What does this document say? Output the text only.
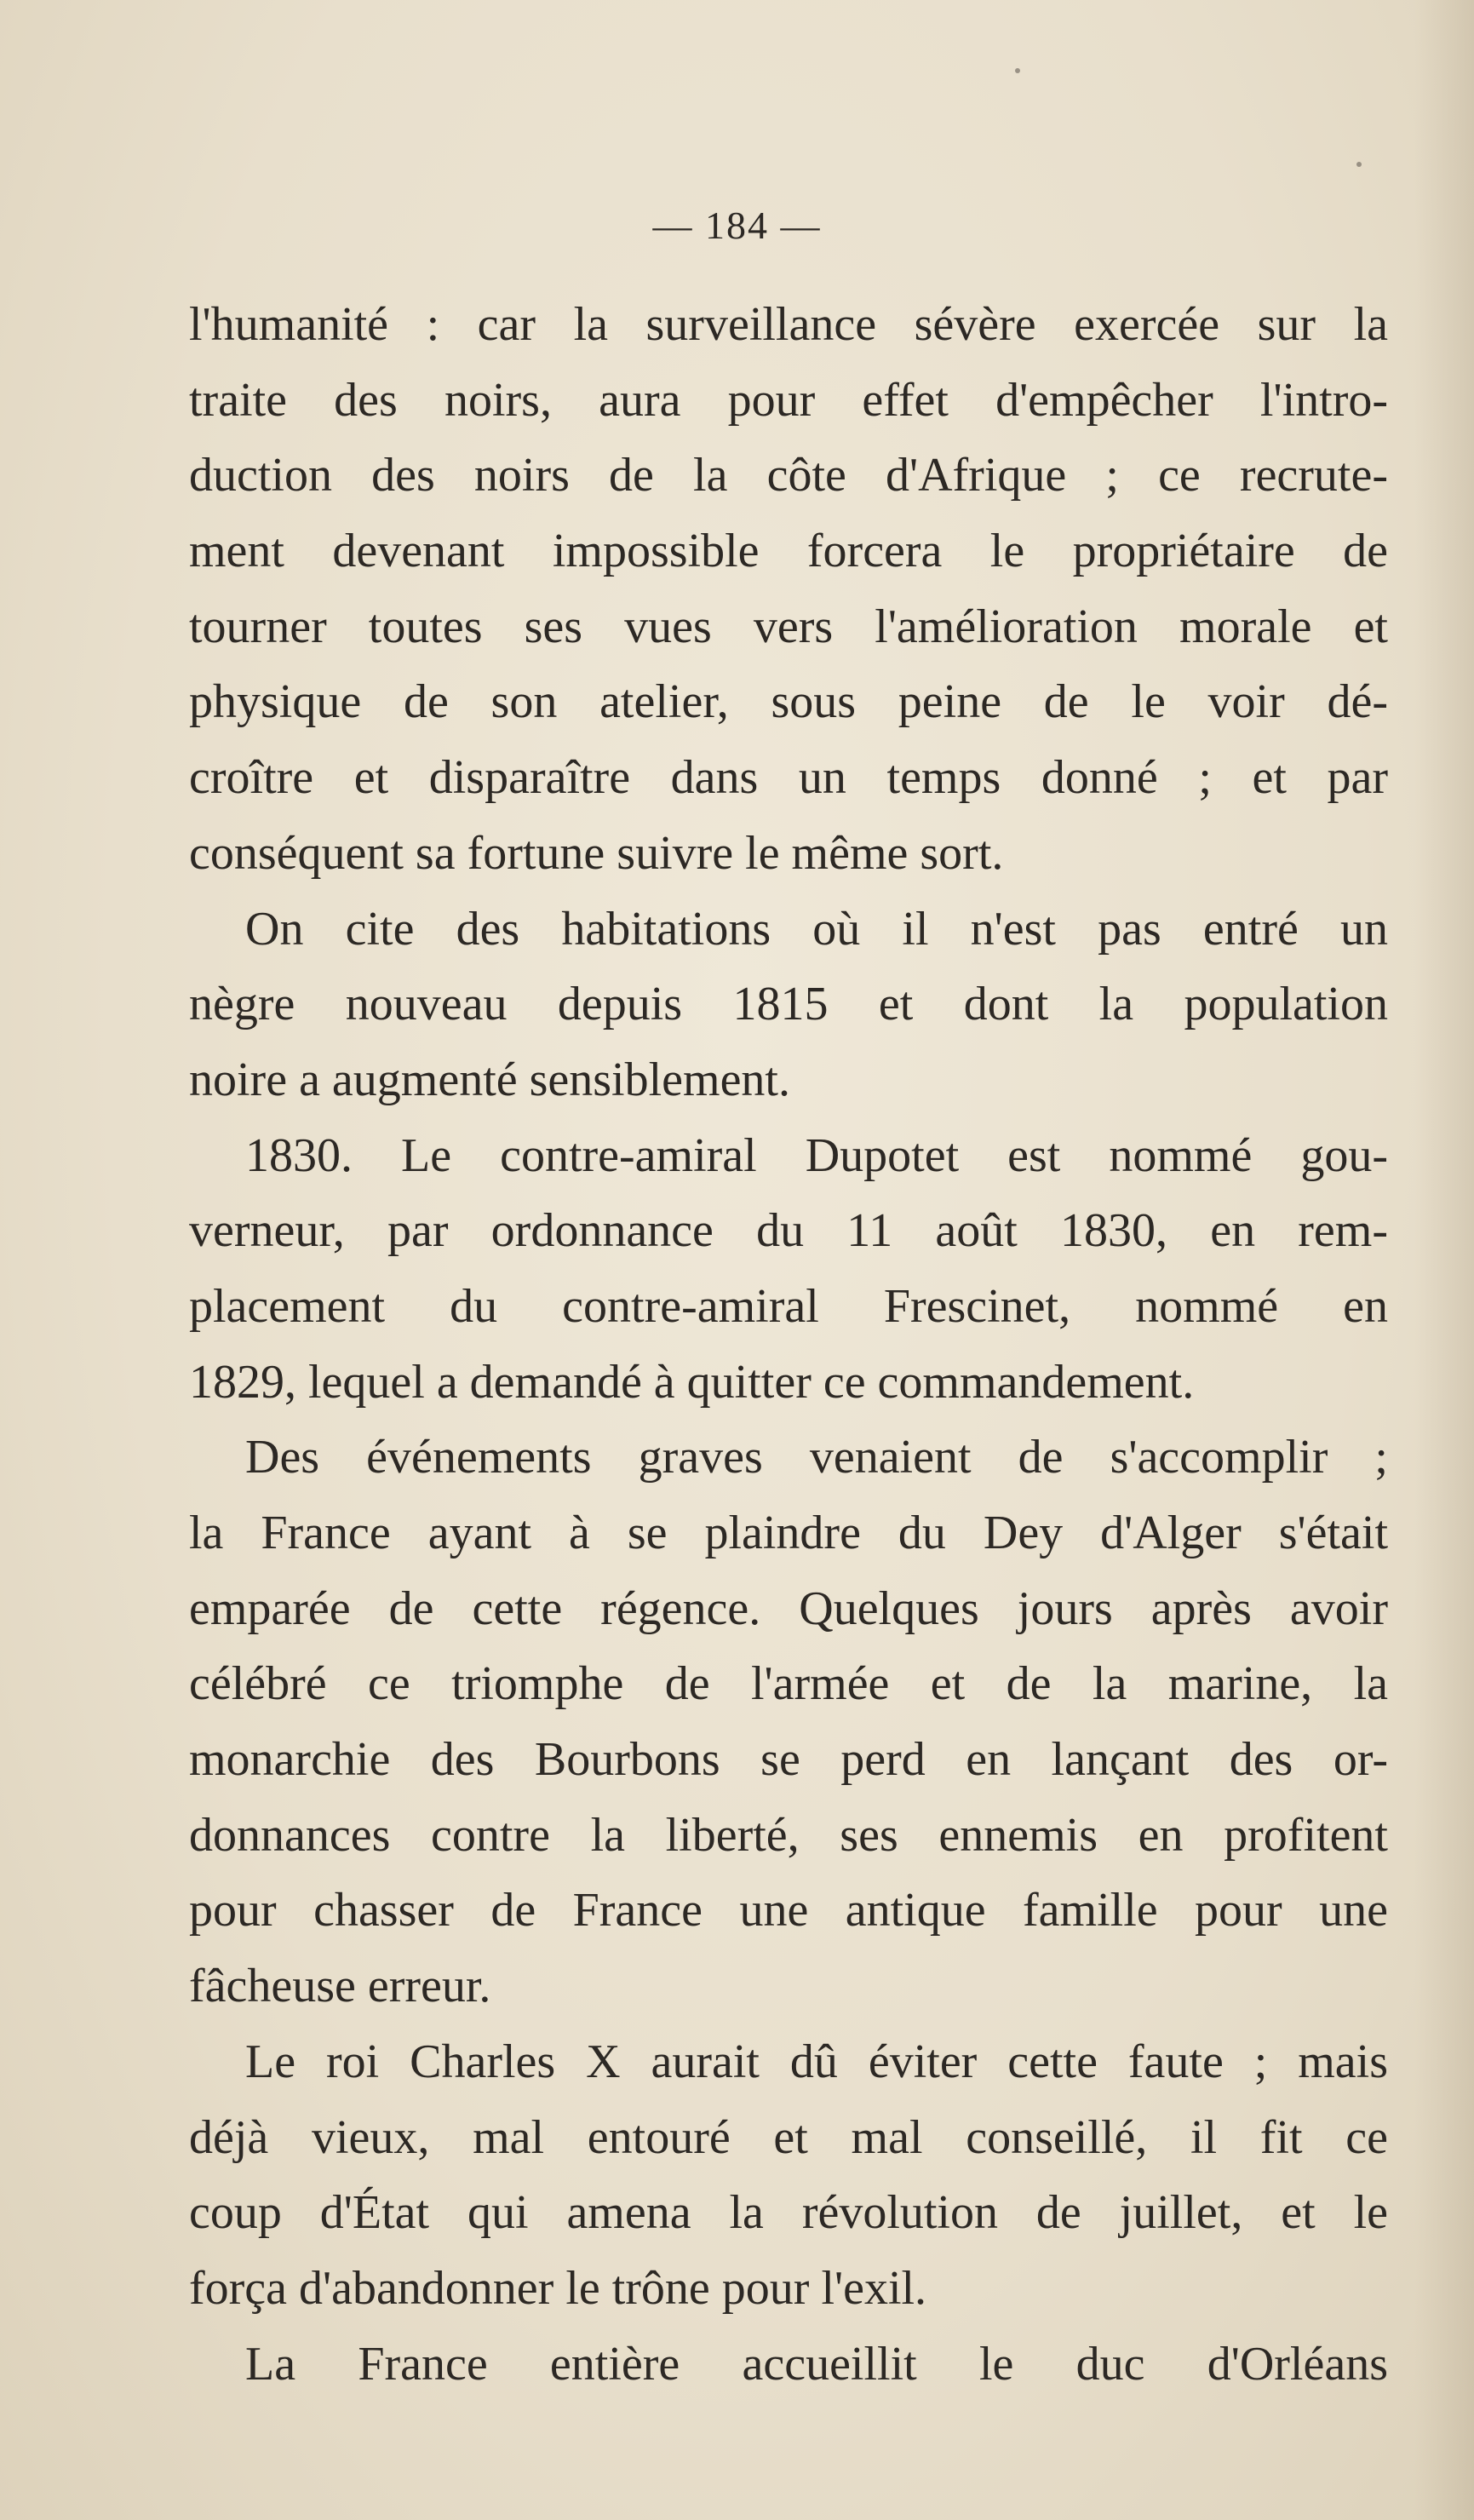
— 184 —
l'humanité : car la surveillance sévère exercée sur la
traite des noirs, aura pour effet d'empêcher l'intro-
duction des noirs de la côte d'Afrique ; ce recrute-
ment devenant impossible forcera le propriétaire de
tourner toutes ses vues vers l'amélioration morale et
physique de son atelier, sous peine de le voir dé-
croître et disparaître dans un temps donné ; et par
conséquent sa fortune suivre le même sort.
On cite des habitations où il n'est pas entré un
nègre nouveau depuis 1815 et dont la population
noire a augmenté sensiblement.
1830. Le contre-amiral Dupotet est nommé gou-
verneur, par ordonnance du 11 août 1830, en rem-
placement du contre-amiral Frescinet, nommé en
1829, lequel a demandé à quitter ce commandement.
Des événements graves venaient de s'accomplir ;
la France ayant à se plaindre du Dey d'Alger s'était
emparée de cette régence. Quelques jours après avoir
célébré ce triomphe de l'armée et de la marine, la
monarchie des Bourbons se perd en lançant des or-
donnances contre la liberté, ses ennemis en profitent
pour chasser de France une antique famille pour une
fâcheuse erreur.
Le roi Charles X aurait dû éviter cette faute ; mais
déjà vieux, mal entouré et mal conseillé, il fit ce
coup d'État qui amena la révolution de juillet, et le
força d'abandonner le trône pour l'exil.
La France entière accueillit le duc d'Orléans
